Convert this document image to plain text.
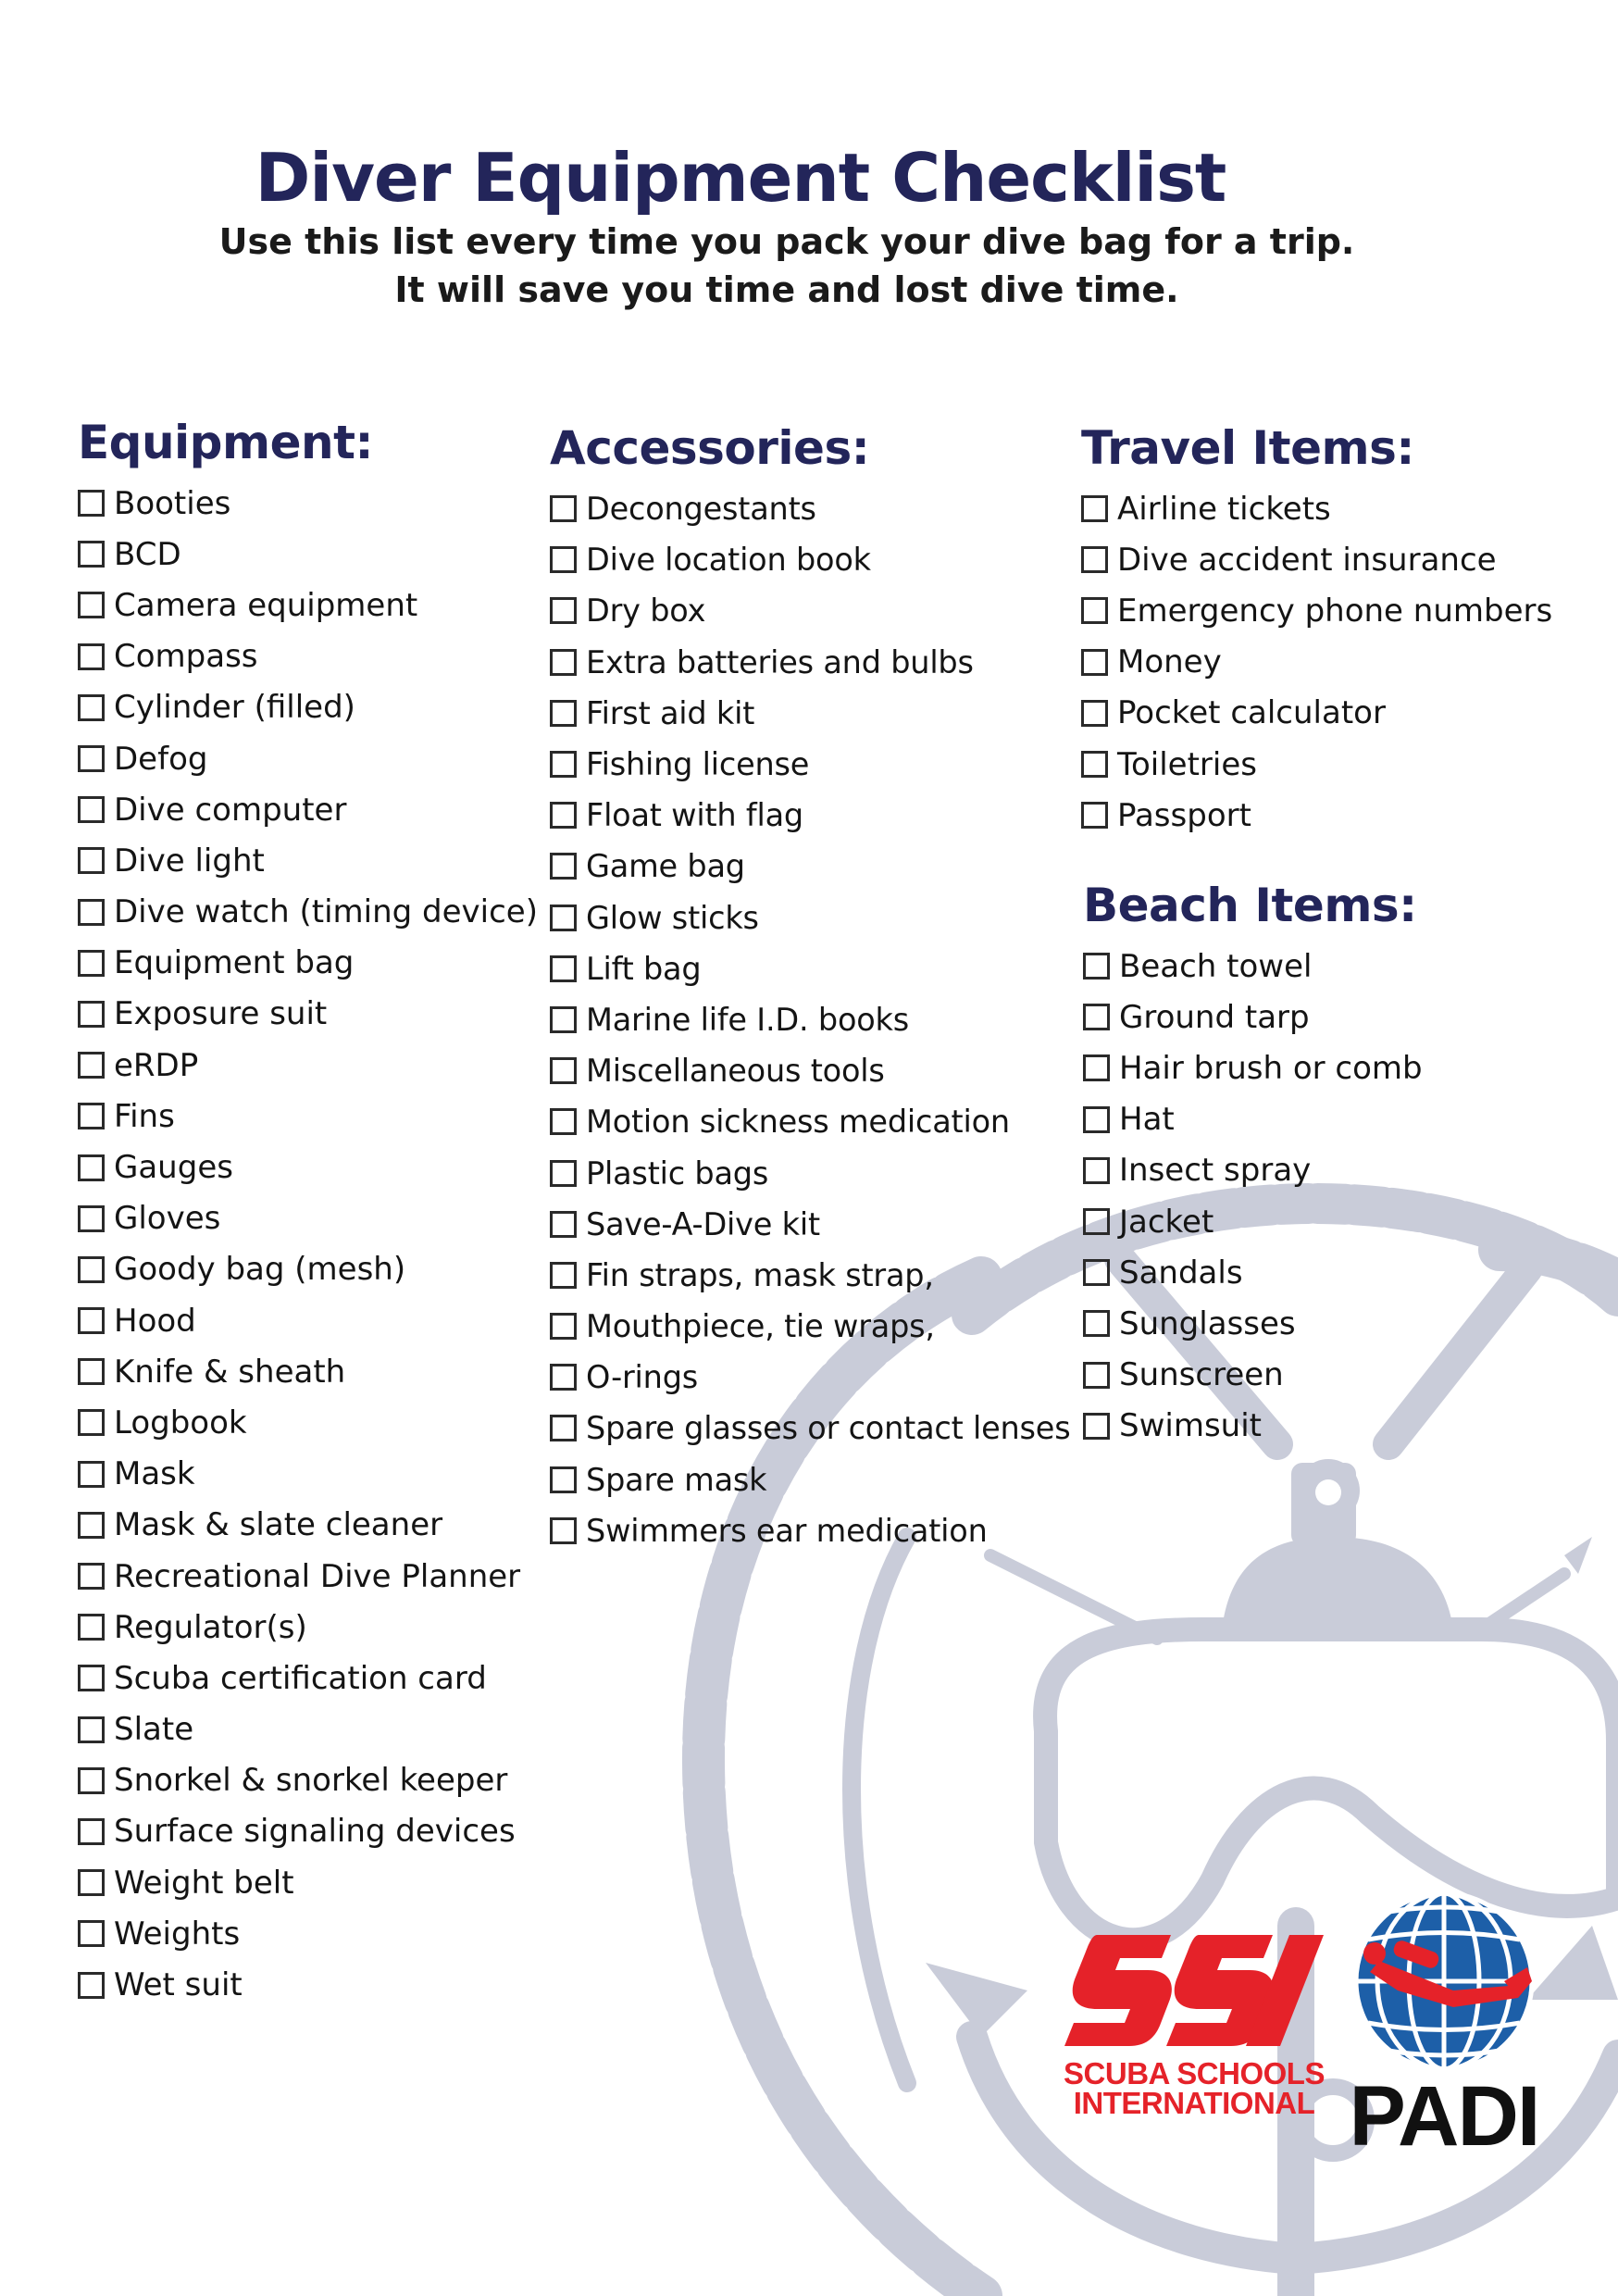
Diver Equipment Checklist
Use this list every time you pack your dive bag for a trip.
It will save you time and lost dive time.
Equipment:
Booties
BCD
Camera equipment
Compass
Cylinder (filled)
Defog
Dive computer
Dive light
Dive watch (timing device)
Equipment bag
Exposure suit
eRDP
Fins
Gauges
Gloves
Goody bag (mesh)
Hood
Knife & sheath
Logbook
Mask
Mask & slate cleaner
Recreational Dive Planner
Regulator(s)
Scuba certification card
Slate
Snorkel & snorkel keeper
Surface signaling devices
Weight belt
Weights
Wet suit
Accessories:
Decongestants
Dive location book
Dry box
Extra batteries and bulbs
First aid kit
Fishing license
Float with flag
Game bag
Glow sticks
Lift bag
Marine life I.D. books
Miscellaneous tools
Motion sickness medication
Plastic bags
Save-A-Dive kit
Fin straps, mask strap,
Mouthpiece, tie wraps,
O-rings
Spare glasses or contact lenses
Spare mask
Swimmers ear medication
Travel Items:
Airline tickets
Dive accident insurance
Emergency phone numbers
Money
Pocket calculator
Toiletries
Passport
Beach Items:
Beach towel
Ground tarp
Hair brush or comb
Hat
Insect spray
Jacket
Sandals
Sunglasses
Sunscreen
Swimsuit
SCUBA SCHOOLS
INTERNATIONAL PADI
